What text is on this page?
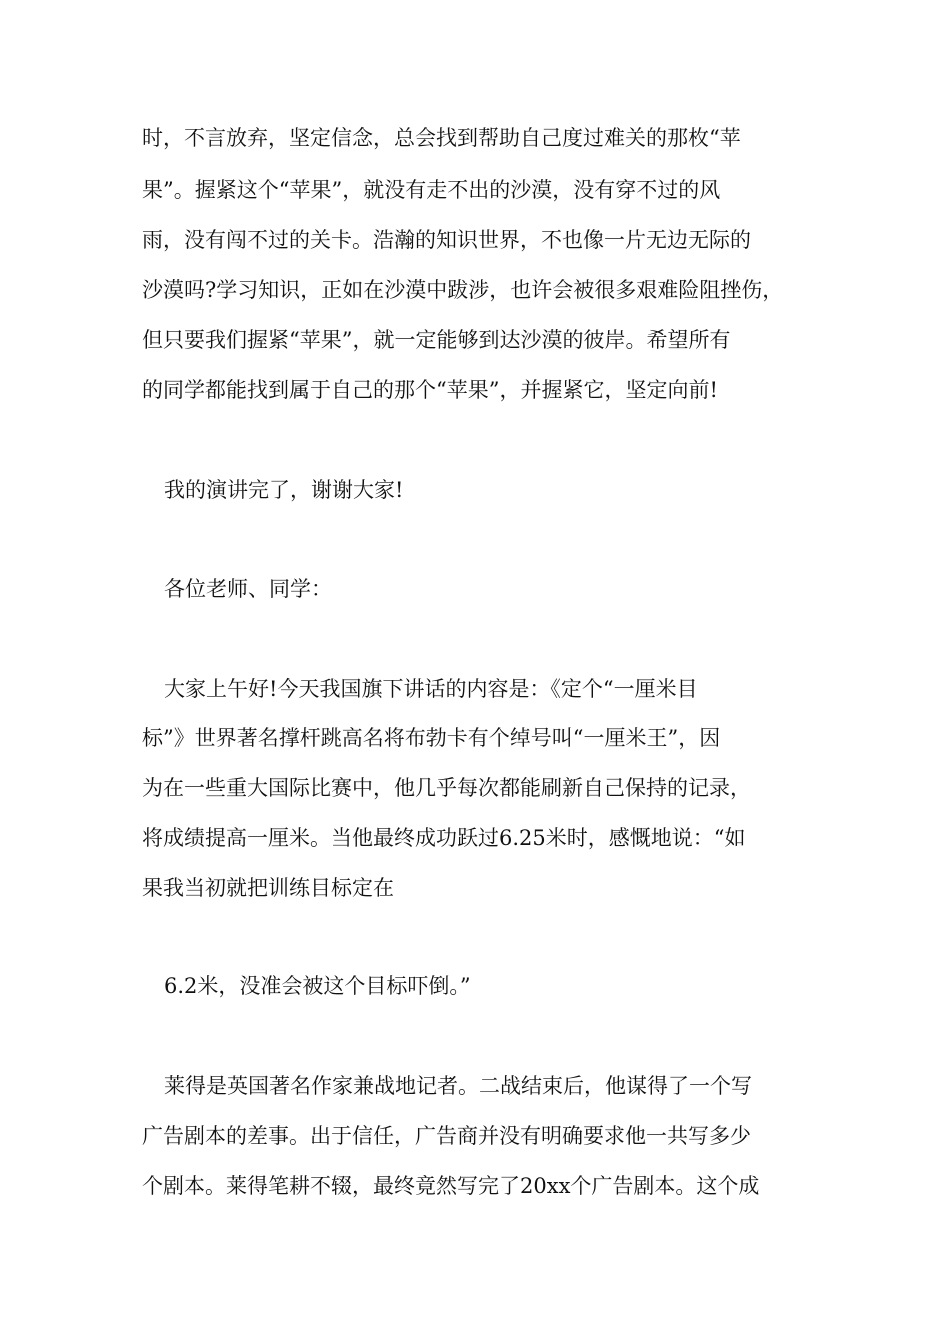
时，不言放弃，坚定信念，总会找到帮助自己度过难关的那枚“苹
果”。握紧这个“苹果”，就没有走不出的沙漠，没有穿不过的风
雨，没有闯不过的关卡。浩瀚的知识世界，不也像一片无边无际的
沙漠吗?学习知识，正如在沙漠中跋涉，也许会被很多艰难险阻挫伤，
但只要我们握紧“苹果”，就一定能够到达沙漠的彼岸。希望所有
的同学都能找到属于自己的那个“苹果”，并握紧它，坚定向前!
我的演讲完了，谢谢大家!
各位老师、同学：
大家上午好!今天我国旗下讲话的内容是：《定个“一厘米目
标”》世界著名撑杆跳高名将布勃卡有个绰号叫“一厘米王”，因
为在一些重大国际比赛中，他几乎每次都能刷新自己保持的记录，
将成绩提高一厘米。当他最终成功跃过6.25米时，感慨地说：“如
果我当初就把训练目标定在
6.2米，没准会被这个目标吓倒。”
莱得是英国著名作家兼战地记者。二战结束后，他谋得了一个写
广告剧本的差事。出于信任，广告商并没有明确要求他一共写多少
个剧本。莱得笔耕不辍，最终竟然写完了20xx个广告剧本。这个成
